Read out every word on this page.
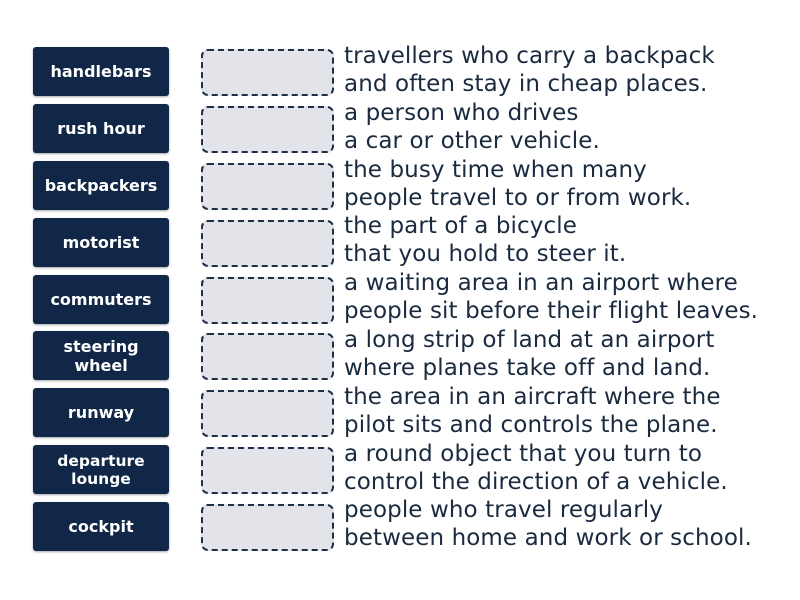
handlebars
rush hour
backpackers
motorist
commuters
steering wheel
runway
departure lounge
cockpit
travellers who carry a backpack
and often stay in cheap places.
a person who drives
a car or other vehicle.
the busy time when many
people travel to or from work.
the part of a bicycle
that you hold to steer it.
a waiting area in an airport where
people sit before their flight leaves.
a long strip of land at an airport
where planes take off and land.
the area in an aircraft where the
pilot sits and controls the plane.
a round object that you turn to
control the direction of a vehicle.
people who travel regularly
between home and work or school.
